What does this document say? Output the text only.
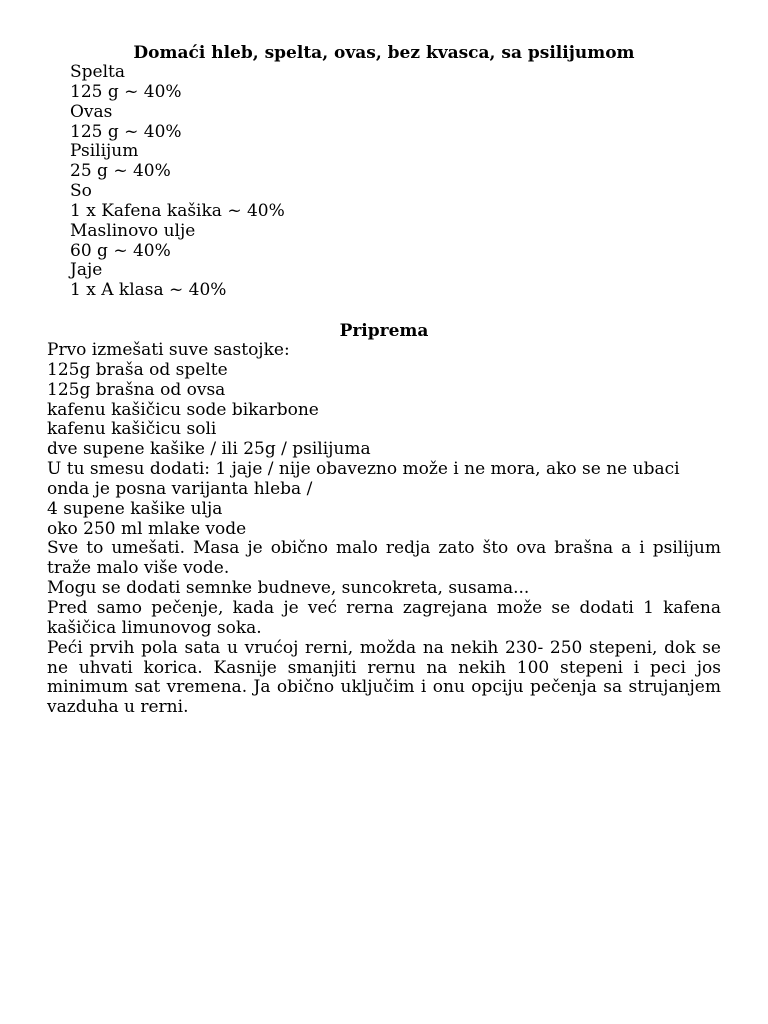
Domaći hleb, spelta, ovas, bez kvasca, sa psilijumom
Spelta
125 g ~ 40%
Ovas
125 g ~ 40%
Psilijum
25 g ~ 40%
So
1 x Kafena kašika ~ 40%
Maslinovo ulje
60 g ~ 40%
Jaje
1 x A klasa ~ 40%
Priprema

Prvo izmešati suve sastojke:

125g braša od spelte

125g brašna od ovsa

kafenu kašičicu sode bikarbone

kafenu kašičicu soli

dve supene kašike / ili 25g / psilijuma

U tu smesu dodati: 1 jaje / nije obavezno može i ne mora, ako se ne ubaci onda je posna varijanta hleba /

4 supene kašike ulja

oko 250 ml mlake vode

Sve to umešati. Masa je obično malo redja zato što ova brašna a i psilijum traže malo više vode.

Mogu se dodati semnke budneve, suncokreta, susama...

Pred samo pečenje, kada je već rerna zagrejana može se dodati 1 kafena kašičica limunovog soka.

Peći prvih pola sata u vrućoj rerni, možda na nekih 230- 250 stepeni, dok se ne uhvati korica. Kasnije smanjiti rernu na nekih 100 stepeni i peci jos minimum sat vremena. Ja obično uključim i onu opciju pečenja sa strujanjem vazduha u rerni.
